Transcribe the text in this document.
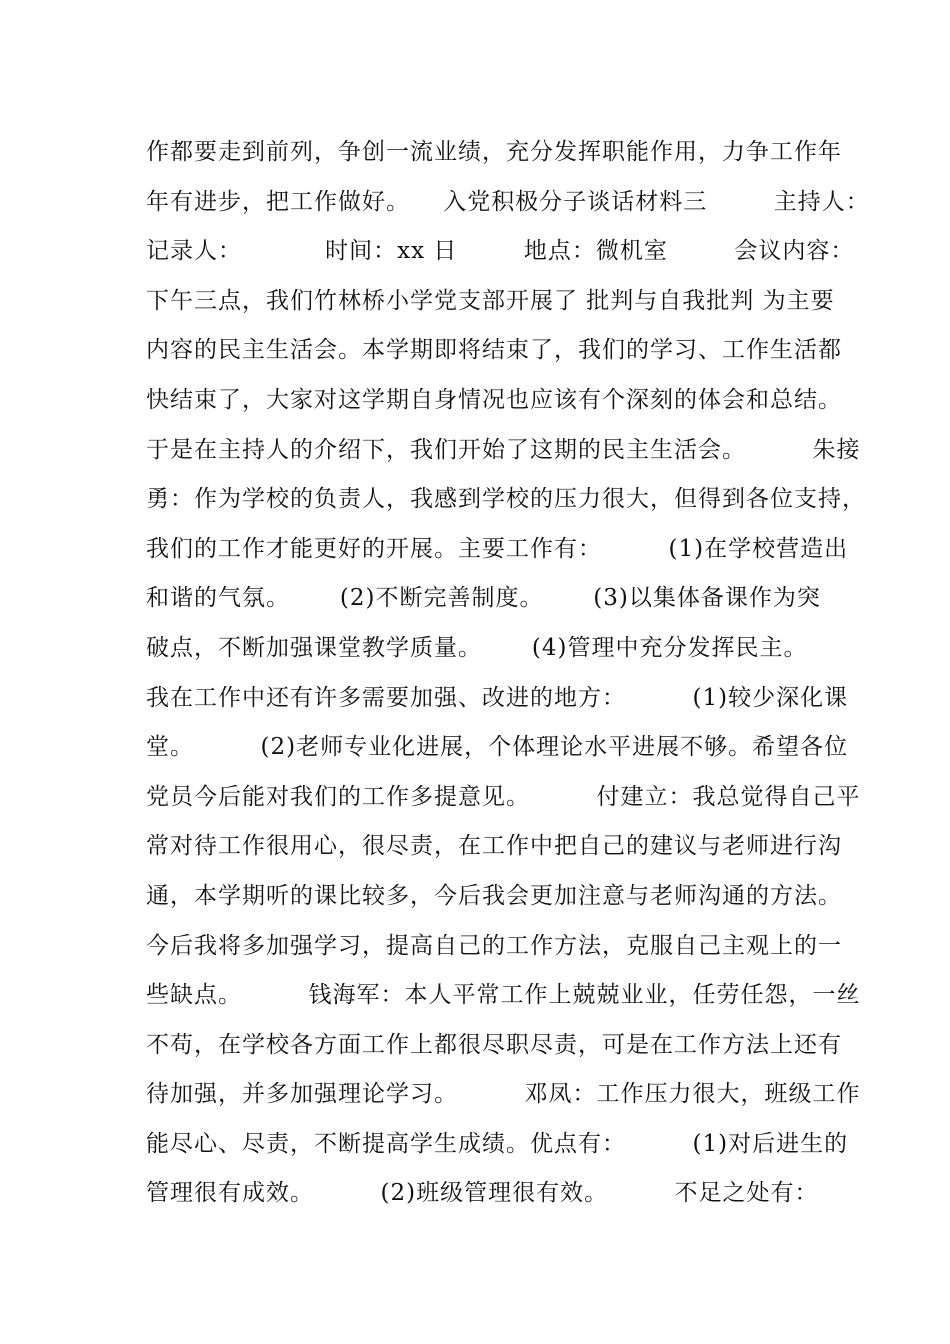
作都要走到前列，争创一流业绩，充分发挥职能作用，力争工作年
年有进步，把工作做好。    入党积极分子谈话材料三        主持人：
记录人：          时间：xx 日        地点：微机室        会议内容：
下午三点，我们竹林桥小学党支部开展了 批判与自我批判 为主要
内容的民主生活会。本学期即将结束了，我们的学习、工作生活都
快结束了，大家对这学期自身情况也应该有个深刻的体会和总结。
于是在主持人的介绍下，我们开始了这期的民主生活会。        朱接
勇：作为学校的负责人，我感到学校的压力很大，但得到各位支持，
我们的工作才能更好的开展。主要工作有：        (1)在学校营造出
和谐的气氛。      (2)不断完善制度。      (3)以集体备课作为突
破点，不断加强课堂教学质量。      (4)管理中充分发挥民主。
我在工作中还有许多需要加强、改进的地方：        (1)较少深化课
堂。        (2)老师专业化进展，个体理论水平进展不够。希望各位
党员今后能对我们的工作多提意见。        付建立：我总觉得自己平
常对待工作很用心，很尽责，在工作中把自己的建议与老师进行沟
通，本学期听的课比较多，今后我会更加注意与老师沟通的方法。
今后我将多加强学习，提高自己的工作方法，克服自己主观上的一
些缺点。        钱海军：本人平常工作上兢兢业业，任劳任怨，一丝
不苟，在学校各方面工作上都很尽职尽责，可是在工作方法上还有
待加强，并多加强理论学习。        邓凤：工作压力很大，班级工作
能尽心、尽责，不断提高学生成绩。优点有：        (1)对后进生的
管理很有成效。        (2)班级管理很有效。        不足之处有：
